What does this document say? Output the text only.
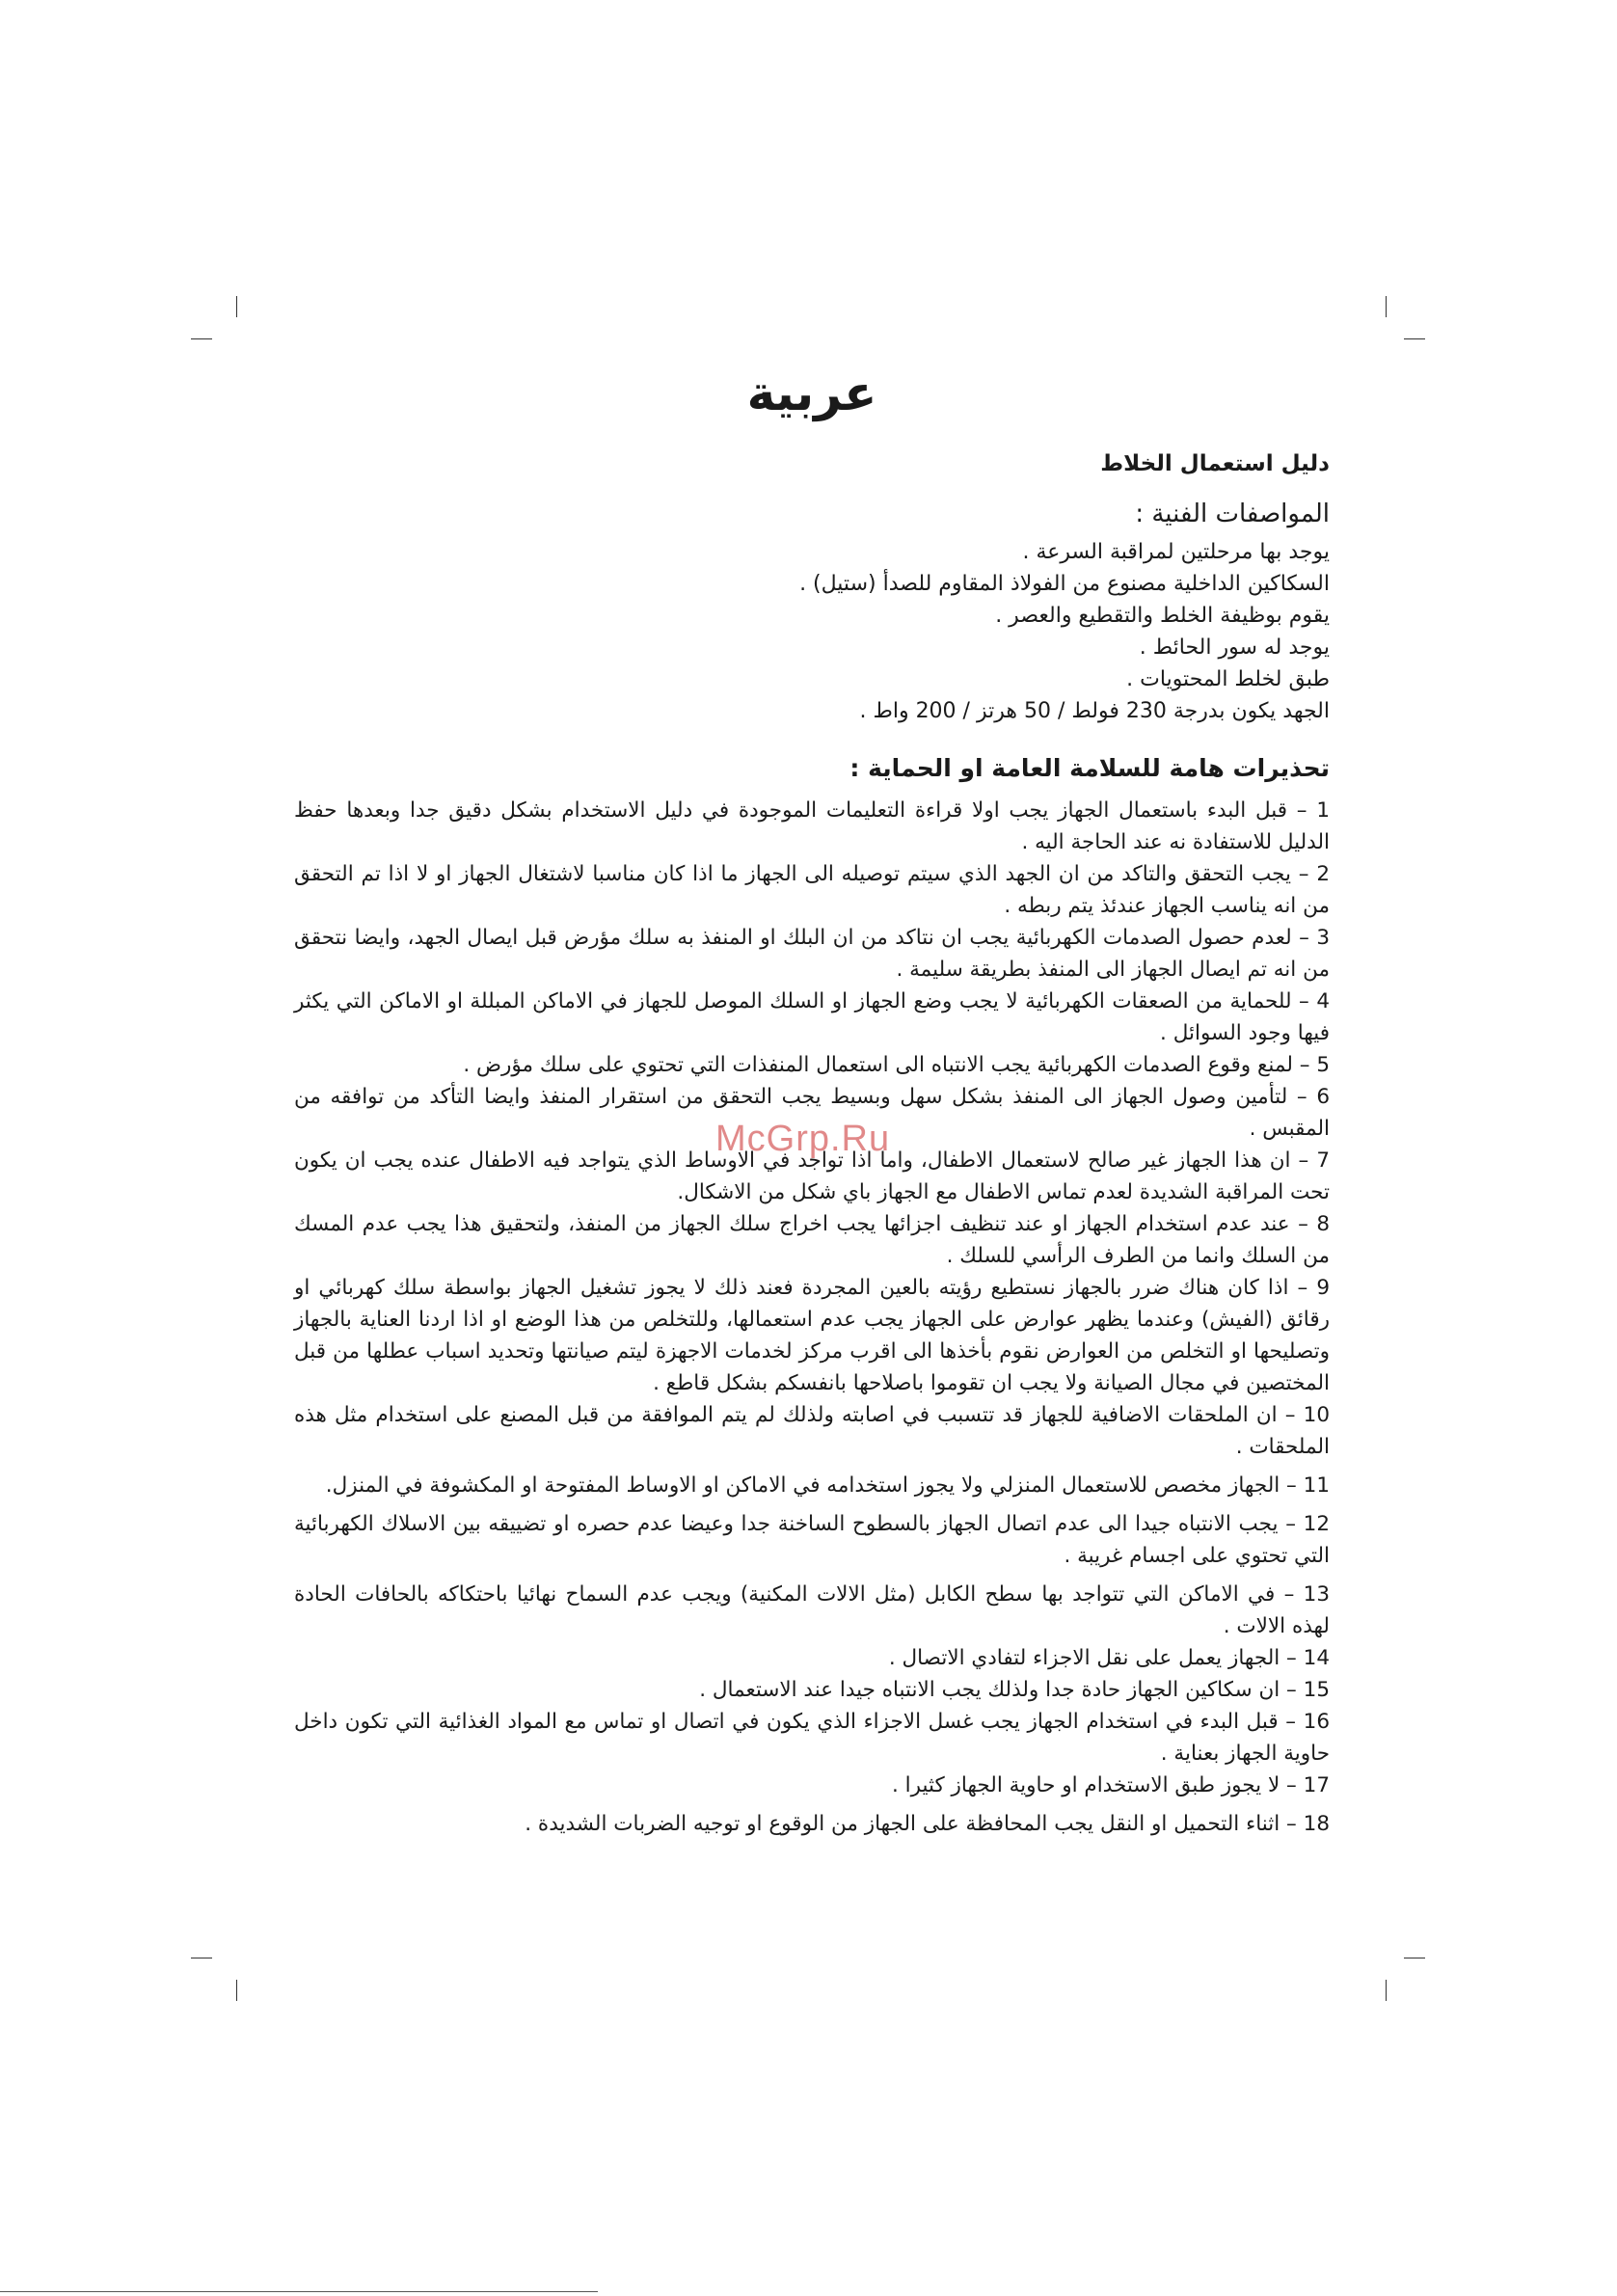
عربية
دليل استعمال الخلاط
المواصفات الفنية :
يوجد بها مرحلتين لمراقبة السرعة .
السكاكين الداخلية مصنوع من الفولاذ المقاوم للصدأ (ستيل) .
يقوم بوظيفة الخلط والتقطيع والعصر .
يوجد له سور الحائط .
طبق لخلط المحتويات .
الجهد يكون بدرجة 230 فولط / 50 هرتز / 200 واط .
تحذيرات هامة للسلامة العامة او الحماية :
1 – قبل البدء باستعمال الجهاز يجب اولا قراءة التعليمات الموجودة في دليل الاستخدام بشكل دقيق جدا وبعدها حفظ الدليل للاستفادة نه عند الحاجة اليه .
2 – يجب التحقق والتاكد من ان الجهد الذي سيتم توصيله الى الجهاز ما اذا كان مناسبا لاشتغال الجهاز او لا اذا تم التحقق من انه يناسب الجهاز عندئذ يتم ربطه .
3 – لعدم حصول الصدمات الكهربائية يجب ان نتاكد من ان البلك او المنفذ به سلك مؤرض قبل ايصال الجهد، وايضا نتحقق من انه تم ايصال الجهاز الى المنفذ بطريقة سليمة .
4 – للحماية من الصعقات الكهربائية لا يجب وضع الجهاز او السلك الموصل للجهاز في الاماكن المبللة او الاماكن التي يكثر فيها وجود السوائل .
5 – لمنع وقوع الصدمات الكهربائية يجب الانتباه الى استعمال المنفذات التي تحتوي على سلك مؤرض .
6 – لتأمين وصول الجهاز الى المنفذ بشكل سهل وبسيط يجب التحقق من استقرار المنفذ وايضا التأكد من توافقه من المقبس .
7 – ان هذا الجهاز غير صالح لاستعمال الاطفال، واما اذا تواجد في الاوساط الذي يتواجد فيه الاطفال عنده يجب ان يكون تحت المراقبة الشديدة لعدم تماس الاطفال مع الجهاز باي شكل من الاشكال.
8 – عند عدم استخدام الجهاز او عند تنظيف اجزائها يجب اخراج سلك الجهاز من المنفذ، ولتحقيق هذا يجب عدم المسك من السلك وانما من الطرف الرأسي للسلك .
9 – اذا كان هناك ضرر بالجهاز نستطيع رؤيته بالعين المجردة فعند ذلك لا يجوز تشغيل الجهاز بواسطة سلك كهربائي او رقائق (الفيش) وعندما يظهر عوارض على الجهاز يجب عدم استعمالها، وللتخلص من هذا الوضع او اذا اردنا العناية بالجهاز وتصليحها او التخلص من العوارض نقوم بأخذها الى اقرب مركز لخدمات الاجهزة ليتم صيانتها وتحديد اسباب عطلها من قبل المختصين في مجال الصيانة ولا يجب ان تقوموا باصلاحها بانفسكم بشكل قاطع .
10 – ان الملحقات الاضافية للجهاز قد تتسبب في اصابته ولذلك لم يتم الموافقة من قبل المصنع على استخدام مثل هذه الملحقات .
11 – الجهاز مخصص للاستعمال المنزلي ولا يجوز استخدامه في الاماكن او الاوساط المفتوحة او المكشوفة في المنزل.
12 – يجب الانتباه جيدا الى عدم اتصال الجهاز بالسطوح الساخنة جدا وعيضا عدم حصره او تضييقه بين الاسلاك الكهربائية التي تحتوي على اجسام غريبة .
13 – في الاماكن التي تتواجد بها سطح الكابل (مثل الالات المكنية) ويجب عدم السماح نهائيا باحتكاكه بالحافات الحادة لهذه الالات .
14 – الجهاز يعمل على نقل الاجزاء لتفادي الاتصال .
15 – ان سكاكين الجهاز حادة جدا ولذلك يجب الانتباه جيدا عند الاستعمال .
16 – قبل البدء في استخدام الجهاز يجب غسل الاجزاء الذي يكون في اتصال او تماس مع المواد الغذائية التي تكون داخل حاوية الجهاز بعناية .
17 – لا يجوز طبق الاستخدام او حاوية الجهاز كثيرا .
18 – اثناء التحميل او النقل يجب المحافظة على الجهاز من الوقوع او توجيه الضربات الشديدة .
McGrp.Ru
